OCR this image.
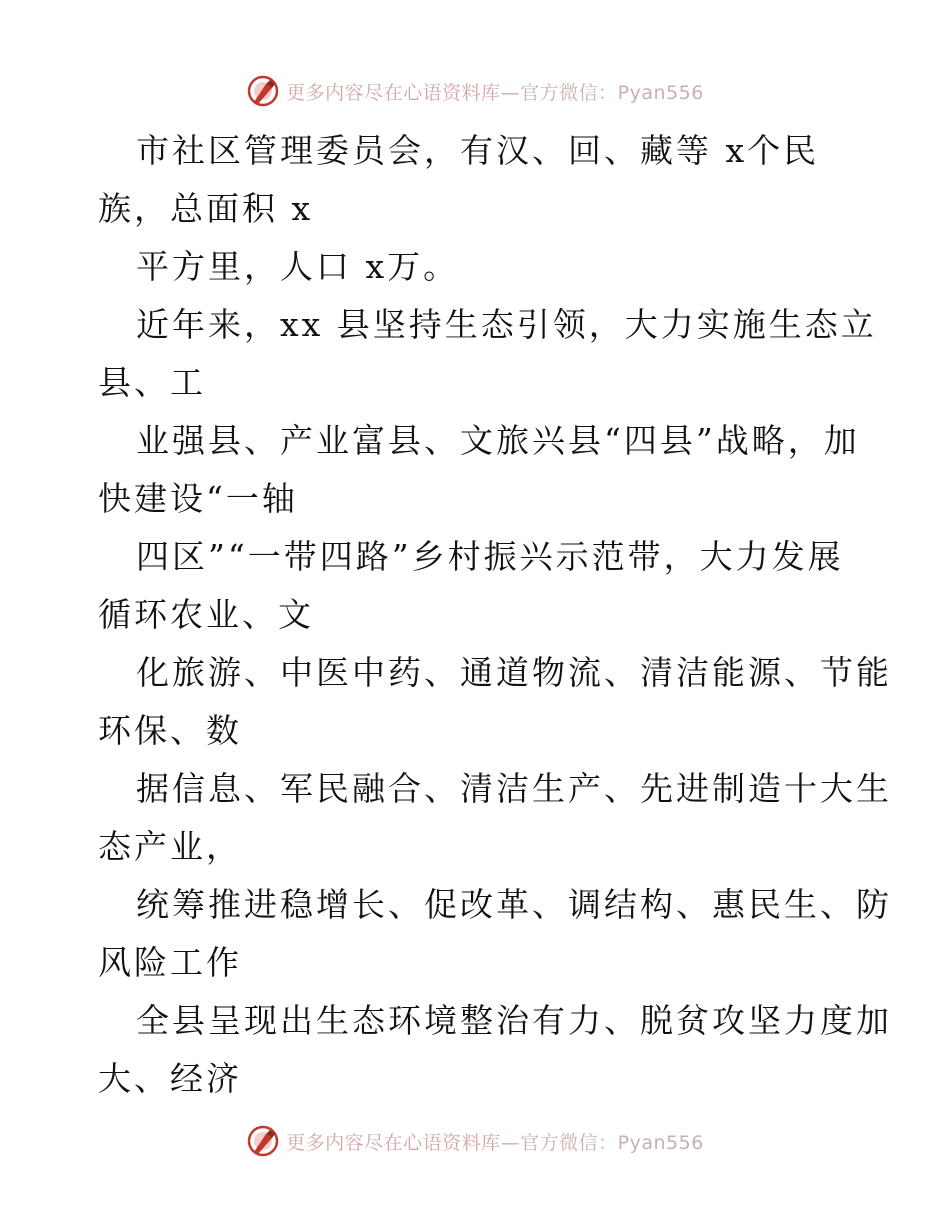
更多内容尽在心语资料库—官方微信：Pyan556
市社区管理委员会，有汉、回、藏等 x个民
族，总面积 x
平方里，人口 x万。
近年来，xx 县坚持生态引领，大力实施生态立
县、工
业强县、产业富县、文旅兴县“四县”战略，加
快建设“一轴
四区”“一带四路”乡村振兴示范带，大力发展
循环农业、文
化旅游、中医中药、通道物流、清洁能源、节能
环保、数
据信息、军民融合、清洁生产、先进制造十大生
态产业，
统筹推进稳增长、促改革、调结构、惠民生、防
风险工作
全县呈现出生态环境整治有力、脱贫攻坚力度加
大、经济
更多内容尽在心语资料库—官方微信：Pyan556
